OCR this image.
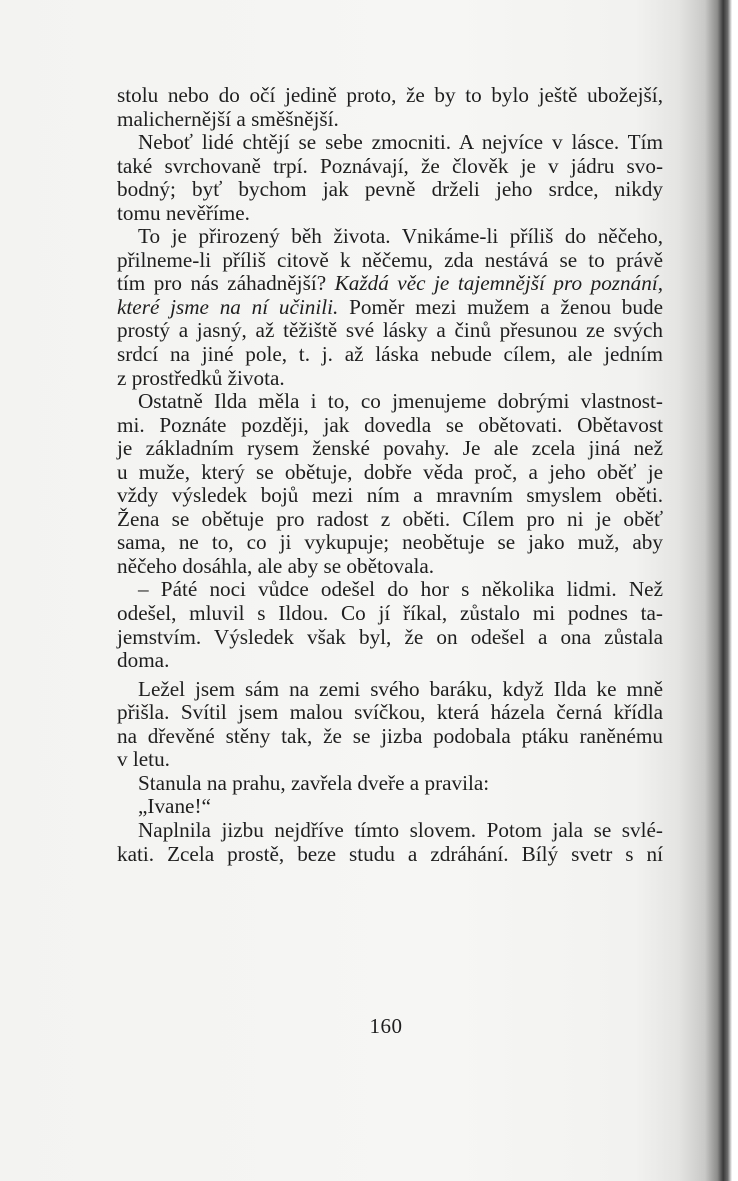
stolu nebo do očí jedině proto, že by to bylo ještě ubožejší,
malichernější a směšnější.
Neboť lidé chtějí se sebe zmocniti. A nejvíce v lásce. Tím
také svrchovaně trpí. Poznávají, že člověk je v jádru svo-
bodný; byť bychom jak pevně drželi jeho srdce, nikdy
tomu nevěříme.
To je přirozený běh života. Vnikáme-li příliš do něčeho,
přilneme-li příliš citově k něčemu, zda nestává se to právě
tím pro nás záhadnější? Každá věc je tajemnější pro poznání,
které jsme na ní učinili. Poměr mezi mužem a ženou bude
prostý a jasný, až těžiště své lásky a činů přesunou ze svých
srdcí na jiné pole, t. j. až láska nebude cílem, ale jedním
z prostředků života.
Ostatně Ilda měla i to, co jmenujeme dobrými vlastnost-
mi. Poznáte později, jak dovedla se obětovati. Obětavost
je základním rysem ženské povahy. Je ale zcela jiná než
u muže, který se obětuje, dobře věda proč, a jeho oběť je
vždy výsledek bojů mezi ním a mravním smyslem oběti.
Žena se obětuje pro radost z oběti. Cílem pro ni je oběť
sama, ne to, co ji vykupuje; neobětuje se jako muž, aby
něčeho dosáhla, ale aby se obětovala.
– Páté noci vůdce odešel do hor s několika lidmi. Než
odešel, mluvil s Ildou. Co jí říkal, zůstalo mi podnes ta-
jemstvím. Výsledek však byl, že on odešel a ona zůstala
doma.
Ležel jsem sám na zemi svého baráku, když Ilda ke mně
přišla. Svítil jsem malou svíčkou, která házela černá křídla
na dřevěné stěny tak, že se jizba podobala ptáku raněnému
v letu.
Stanula na prahu, zavřela dveře a pravila:
„Ivane!“
Naplnila jizbu nejdříve tímto slovem. Potom jala se svlé-
kati. Zcela prostě, beze studu a zdráhání. Bílý svetr s ní
160
